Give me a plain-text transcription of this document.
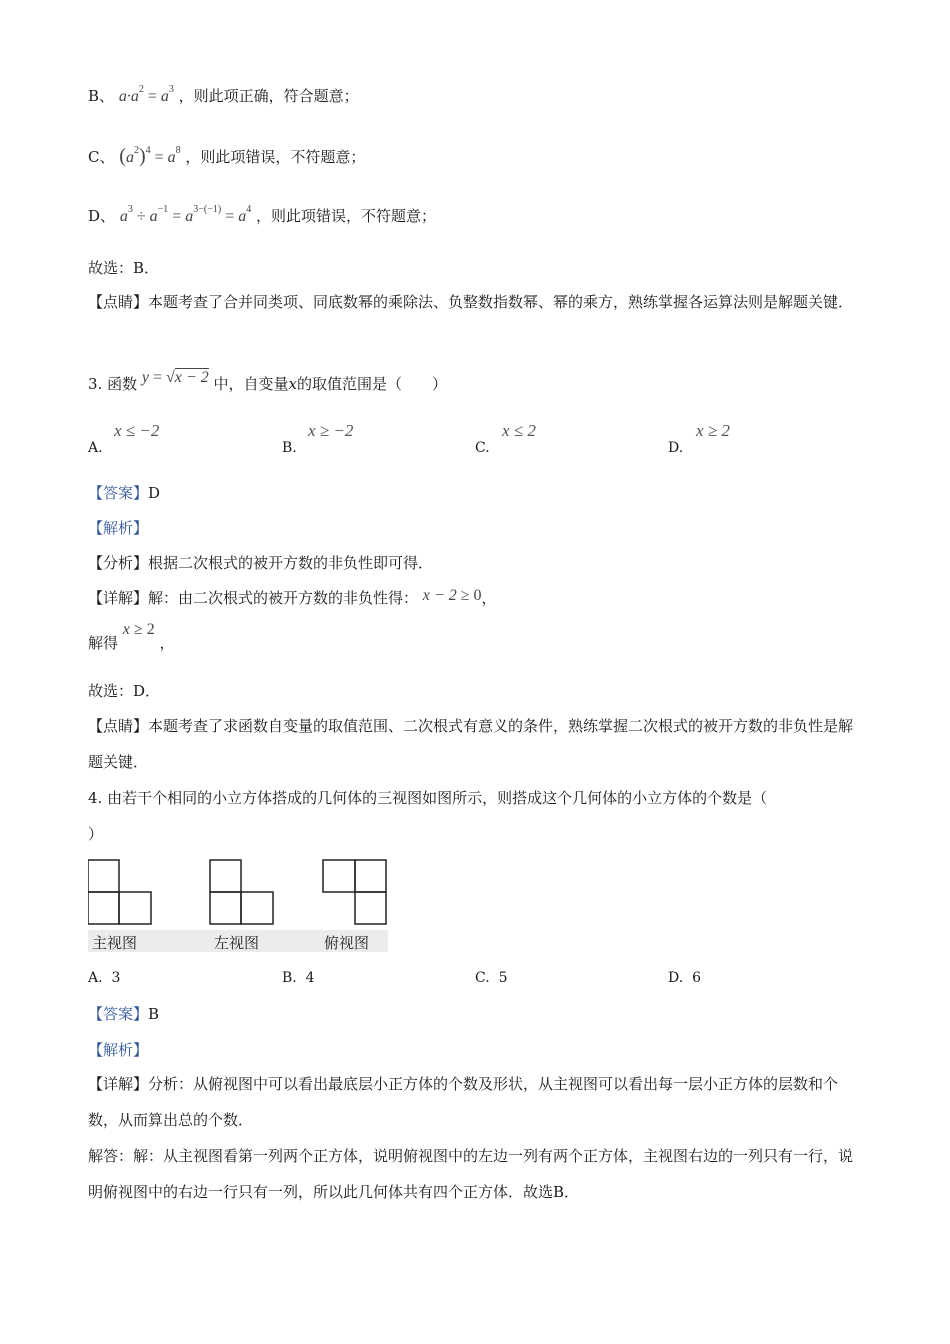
B、 $a\cdot a^2 = a^3$ ，则此项正确，符合题意；
C、 $(a^2)^4 = a^8$ ，则此项错误，不符题意；
D、 $a^3 \div a^{-1} = a^{3-(-1)} = a^4$ ，则此项错误，不符题意；
故选：B．
【点睛】本题考查了合并同类项、同底数幂的乘除法、负整数指数幂、幂的乘方，熟练掌握各运算法则是解题关键．
3. 函数 y = √x − 2 中，自变量x的取值范围是（　　）
A.
x ≤ −2
B.
x ≥ −2
C.
x ≤ 2
D.
x ≥ 2
【答案】D
【解析】
【分析】根据二次根式的被开方数的非负性即可得．
【详解】解：由二次根式的被开方数的非负性得： x − 2 ≥ 0，
解得 x ≥ 2 ，
故选：D．
【点睛】本题考查了求函数自变量的取值范围、二次根式有意义的条件，熟练掌握二次根式的被开方数的非负性是解题关键．
4. 由若干个相同的小立方体搭成的几何体的三视图如图所示，则搭成这个几何体的小立方体的个数是（
）
主视图	左视图	俯视图
A. 3	B. 4	C. 5	D. 6
【答案】B
【解析】
【详解】分析：从俯视图中可以看出最底层小正方体的个数及形状，从主视图可以看出每一层小正方体的层数和个数，从而算出总的个数．
解答：解：从主视图看第一列两个正方体，说明俯视图中的左边一列有两个正方体，主视图右边的一列只有一行，说明俯视图中的右边一行只有一列，所以此几何体共有四个正方体．故选B．
